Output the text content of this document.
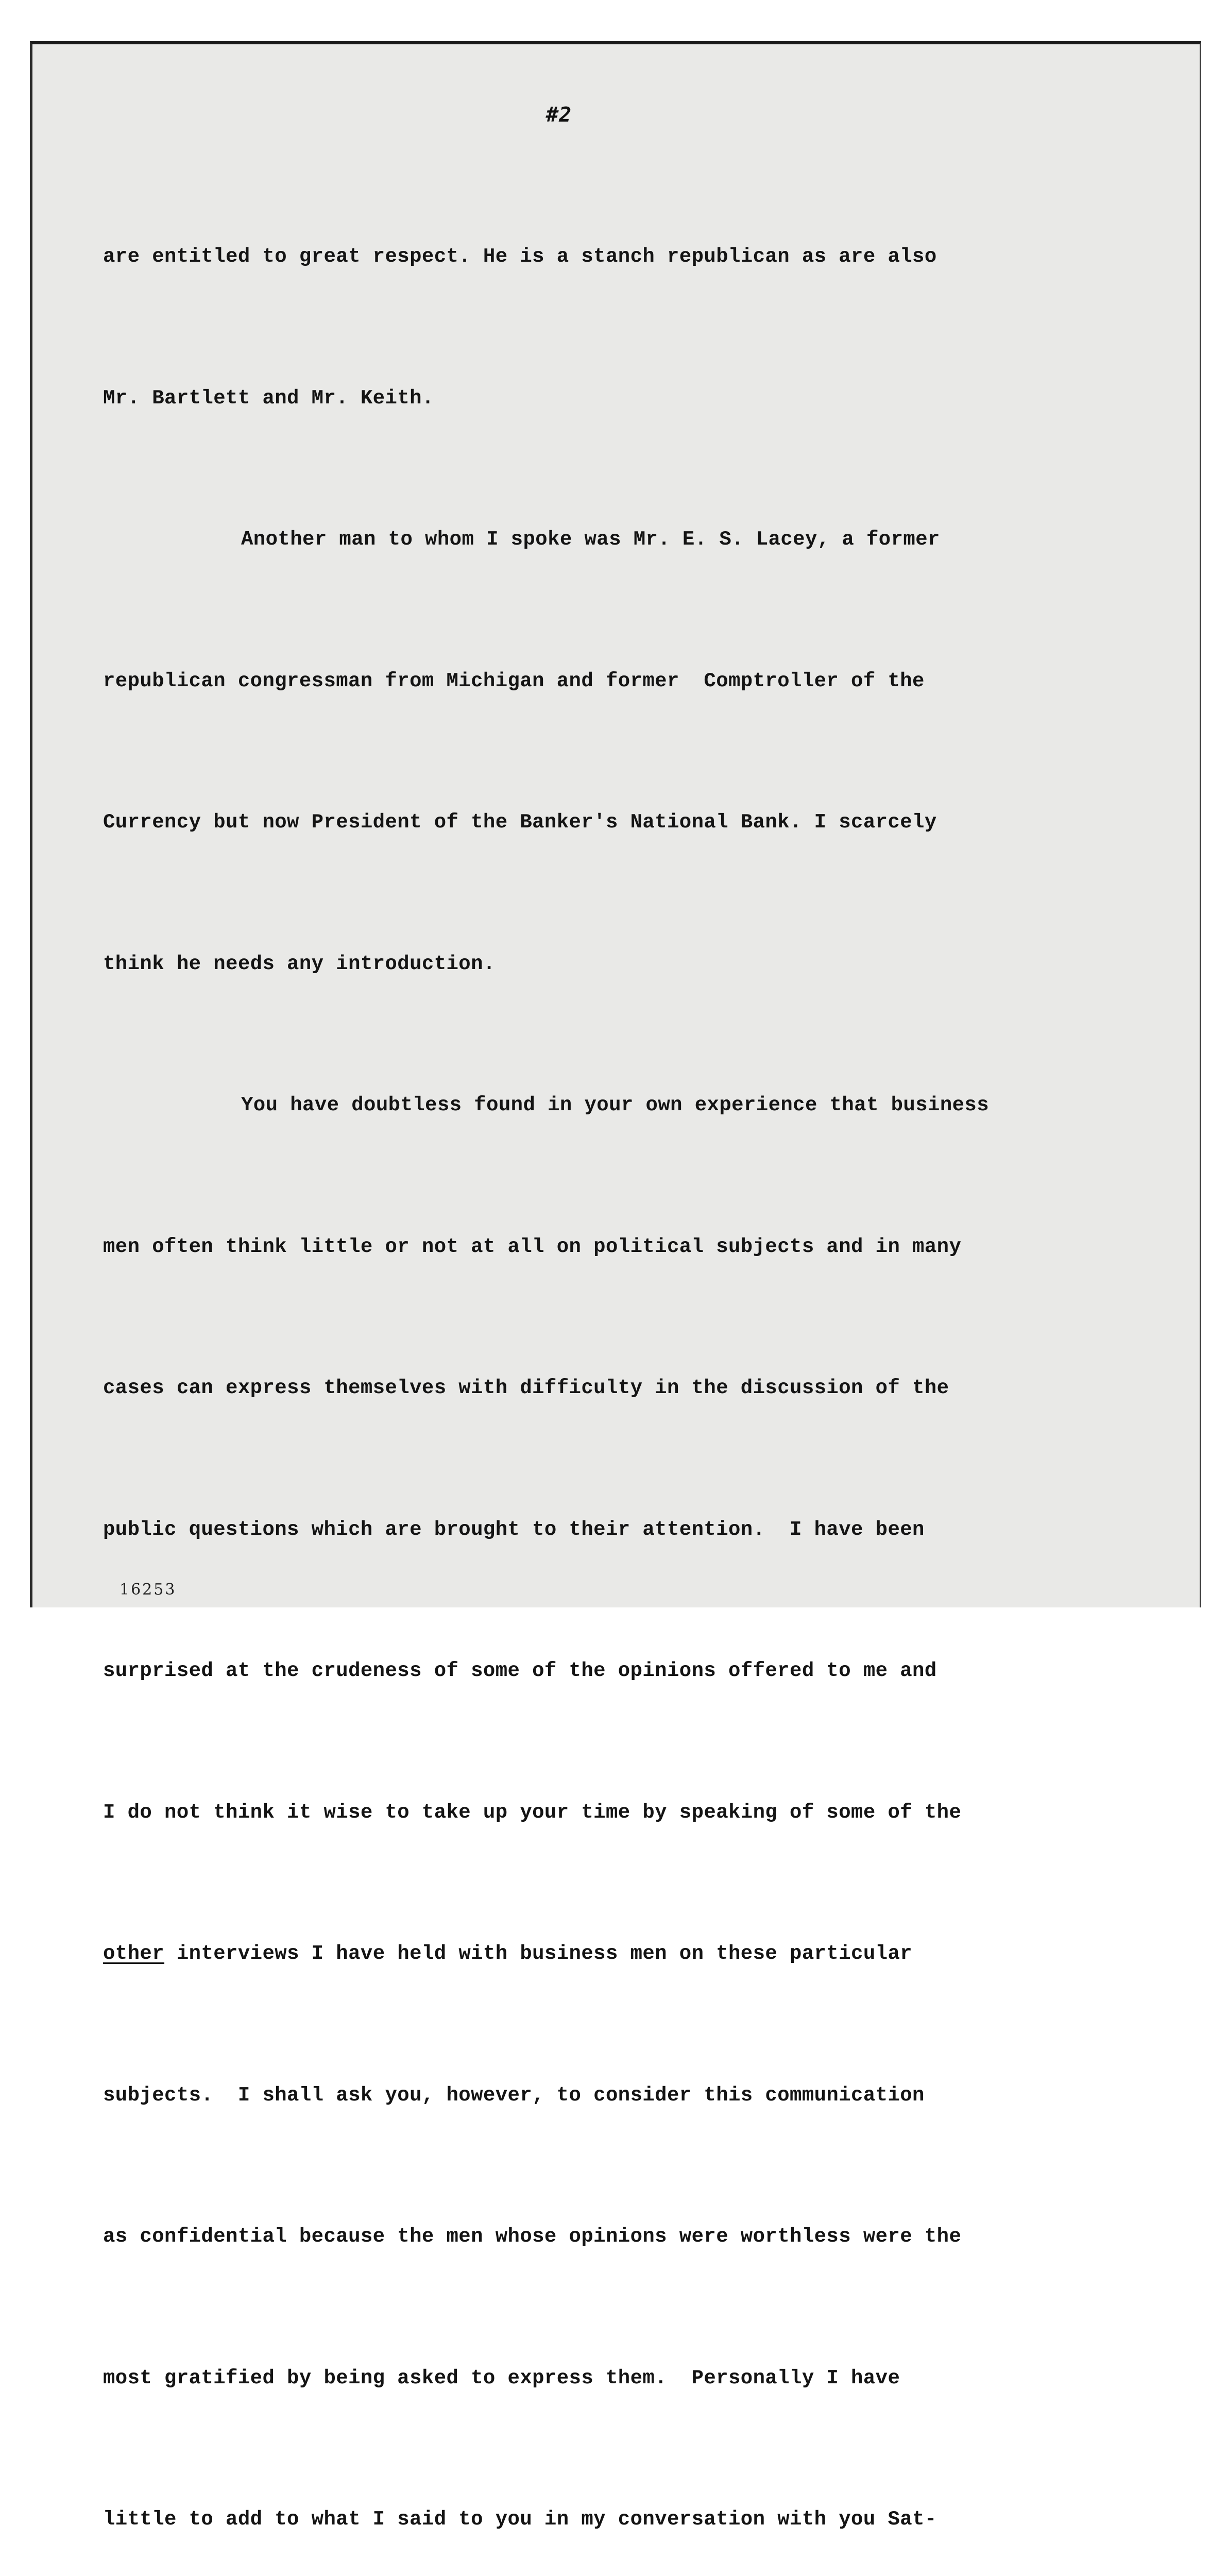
#2

are entitled to great respect. He is a stanch republican as are also

Mr. Bartlett and Mr. Keith.

Another man to whom I spoke was Mr. E. S. Lacey, a former

republican congressman from Michigan and former  Comptroller of the

Currency but now President of the Banker's National Bank. I scarcely

think he needs any introduction.

You have doubtless found in your own experience that business

men often think little or not at all on political subjects and in many

cases can express themselves with difficulty in the discussion of the

public questions which are brought to their attention.  I have been

surprised at the crudeness of some of the opinions offered to me and

I do not think it wise to take up your time by speaking of some of the

other interviews I have held with business men on these particular

subjects.  I shall ask you, however, to consider this communication

as confidential because the men whose opinions were worthless were the

most gratified by being asked to express them.  Personally I have

little to add to what I said to you in my conversation with you Sat-

16253
